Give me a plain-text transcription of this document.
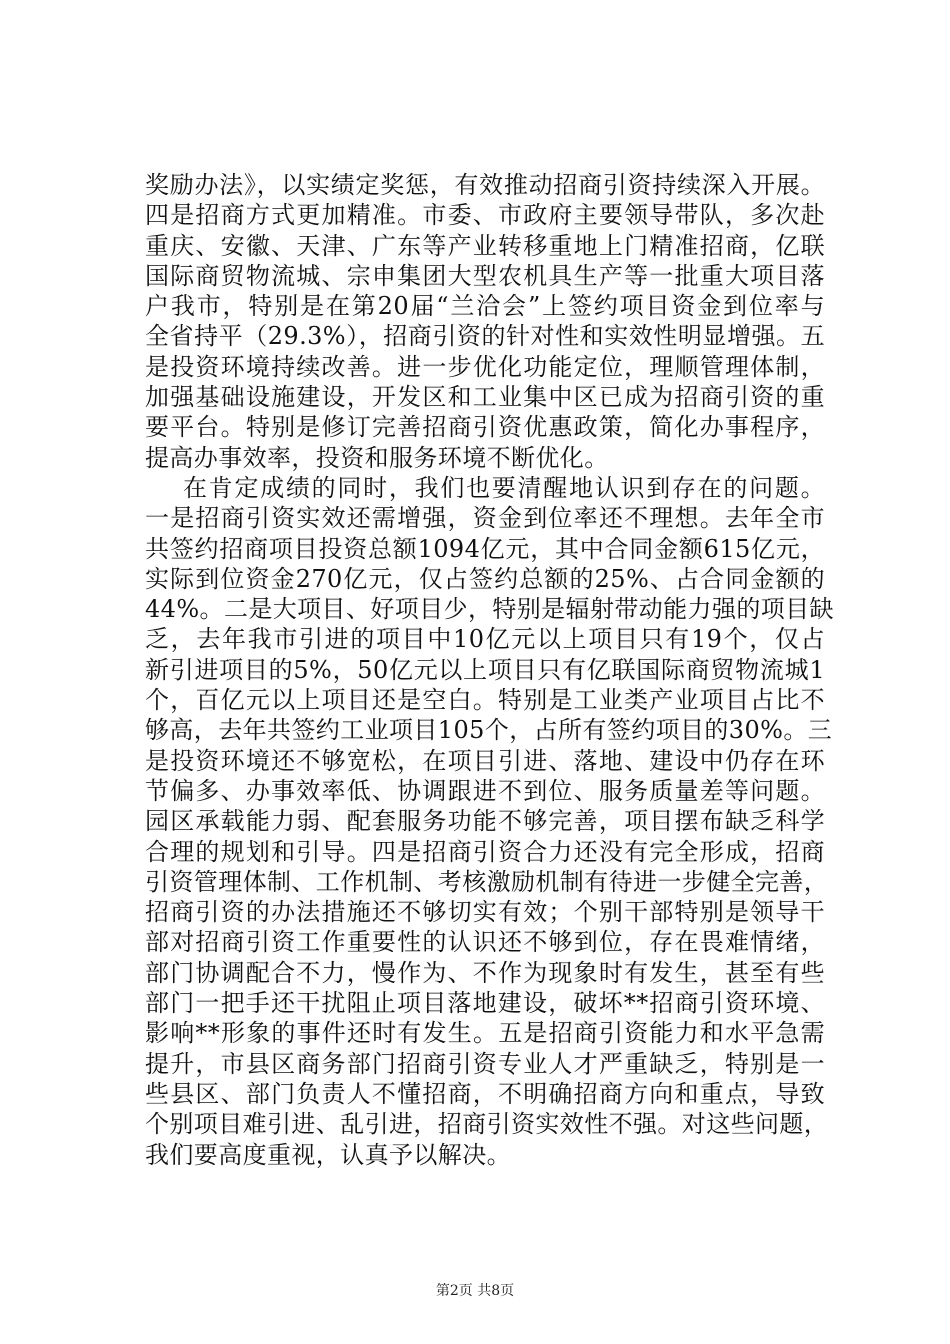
奖励办法》，以实绩定奖惩，有效推动招商引资持续深入开展。
四是招商方式更加精准。市委、市政府主要领导带队，多次赴
重庆、安徽、天津、广东等产业转移重地上门精准招商，亿联
国际商贸物流城、宗申集团大型农机具生产等一批重大项目落
户我市，特别是在第20届“兰洽会”上签约项目资金到位率与
全省持平（29.3%），招商引资的针对性和实效性明显增强。五
是投资环境持续改善。进一步优化功能定位，理顺管理体制，
加强基础设施建设，开发区和工业集中区已成为招商引资的重
要平台。特别是修订完善招商引资优惠政策，简化办事程序，
提高办事效率，投资和服务环境不断优化。
在肯定成绩的同时，我们也要清醒地认识到存在的问题。
一是招商引资实效还需增强，资金到位率还不理想。去年全市
共签约招商项目投资总额1094亿元，其中合同金额615亿元，
实际到位资金270亿元，仅占签约总额的25%、占合同金额的
44%。二是大项目、好项目少，特别是辐射带动能力强的项目缺
乏，去年我市引进的项目中10亿元以上项目只有19个，仅占
新引进项目的5%，50亿元以上项目只有亿联国际商贸物流城1
个，百亿元以上项目还是空白。特别是工业类产业项目占比不
够高，去年共签约工业项目105个，占所有签约项目的30%。三
是投资环境还不够宽松，在项目引进、落地、建设中仍存在环
节偏多、办事效率低、协调跟进不到位、服务质量差等问题。
园区承载能力弱、配套服务功能不够完善，项目摆布缺乏科学
合理的规划和引导。四是招商引资合力还没有完全形成，招商
引资管理体制、工作机制、考核激励机制有待进一步健全完善，
招商引资的办法措施还不够切实有效；个别干部特别是领导干
部对招商引资工作重要性的认识还不够到位，存在畏难情绪，
部门协调配合不力，慢作为、不作为现象时有发生，甚至有些
部门一把手还干扰阻止项目落地建设，破坏**招商引资环境、
影响**形象的事件还时有发生。五是招商引资能力和水平急需
提升，市县区商务部门招商引资专业人才严重缺乏，特别是一
些县区、部门负责人不懂招商，不明确招商方向和重点，导致
个别项目难引进、乱引进，招商引资实效性不强。对这些问题，
我们要高度重视，认真予以解决。
第2页 共8页
